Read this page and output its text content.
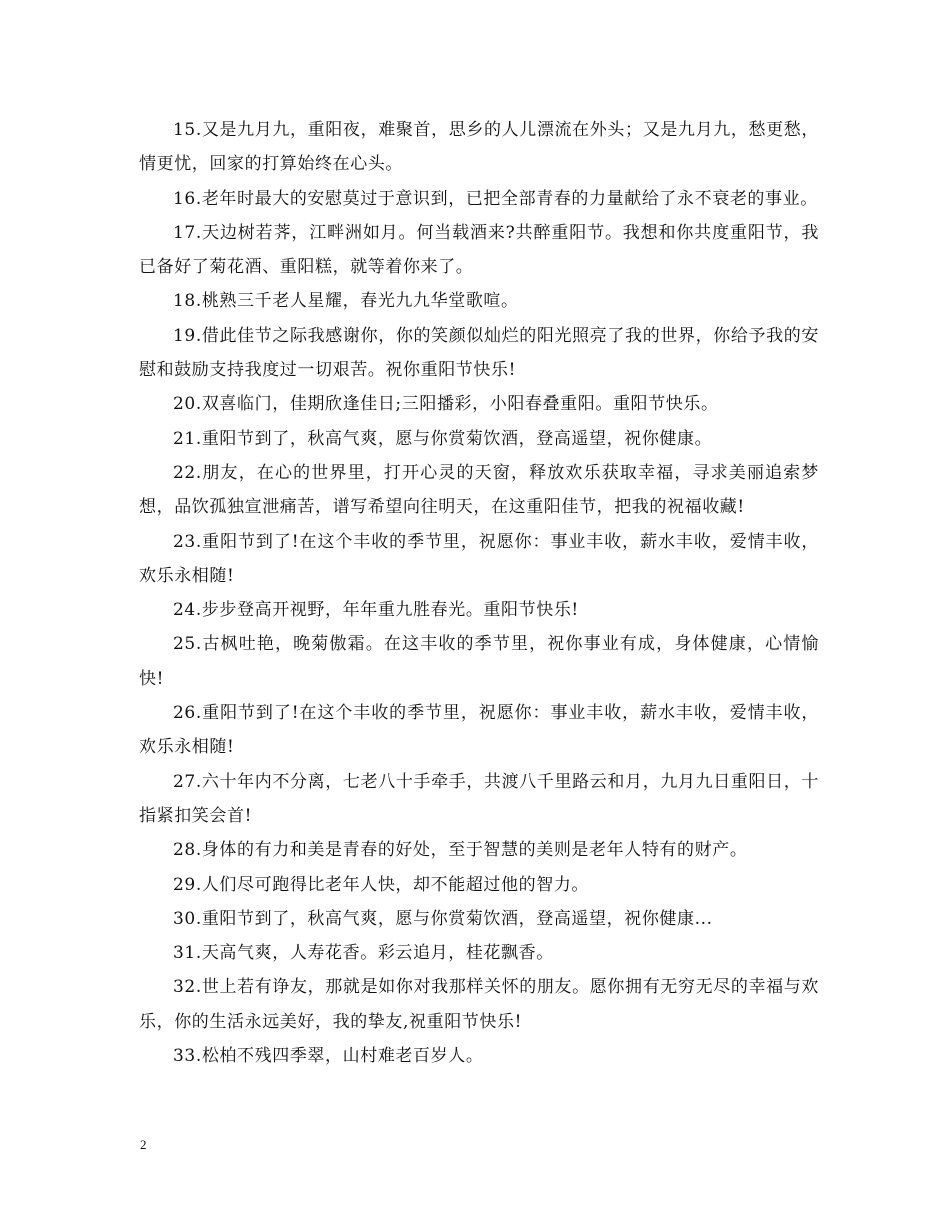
15.又是九月九，重阳夜，难聚首，思乡的人儿漂流在外头；又是九月九，愁更愁，情更忧，回家的打算始终在心头。

16.老年时最大的安慰莫过于意识到，已把全部青春的力量献给了永不衰老的事业。

17.天边树若荠，江畔洲如月。何当载酒来?共醉重阳节。我想和你共度重阳节，我已备好了菊花酒、重阳糕，就等着你来了。

18.桃熟三千老人星耀，春光九九华堂歌喧。

19.借此佳节之际我感谢你，你的笑颜似灿烂的阳光照亮了我的世界，你给予我的安慰和鼓励支持我度过一切艰苦。祝你重阳节快乐!

20.双喜临门，佳期欣逢佳日;三阳播彩，小阳春叠重阳。重阳节快乐。

21.重阳节到了，秋高气爽，愿与你赏菊饮酒，登高遥望，祝你健康。

22.朋友，在心的世界里，打开心灵的天窗，释放欢乐获取幸福，寻求美丽追索梦想，品饮孤独宣泄痛苦，谱写希望向往明天，在这重阳佳节，把我的祝福收藏!

23.重阳节到了!在这个丰收的季节里，祝愿你：事业丰收，薪水丰收，爱情丰收，欢乐永相随!

24.步步登高开视野，年年重九胜春光。重阳节快乐!

25.古枫吐艳，晚菊傲霜。在这丰收的季节里，祝你事业有成，身体健康，心情愉快!

26.重阳节到了!在这个丰收的季节里，祝愿你：事业丰收，薪水丰收，爱情丰收，欢乐永相随!

27.六十年内不分离，七老八十手牵手，共渡八千里路云和月，九月九日重阳日，十指紧扣笑会首!

28.身体的有力和美是青春的好处，至于智慧的美则是老年人特有的财产。

29.人们尽可跑得比老年人快，却不能超过他的智力。

30.重阳节到了，秋高气爽，愿与你赏菊饮酒，登高遥望，祝你健康...

31.天高气爽，人寿花香。彩云追月，桂花飘香。

32.世上若有诤友，那就是如你对我那样关怀的朋友。愿你拥有无穷无尽的幸福与欢乐，你的生活永远美好，我的挚友,祝重阳节快乐!

33.松柏不残四季翠，山村难老百岁人。

2
